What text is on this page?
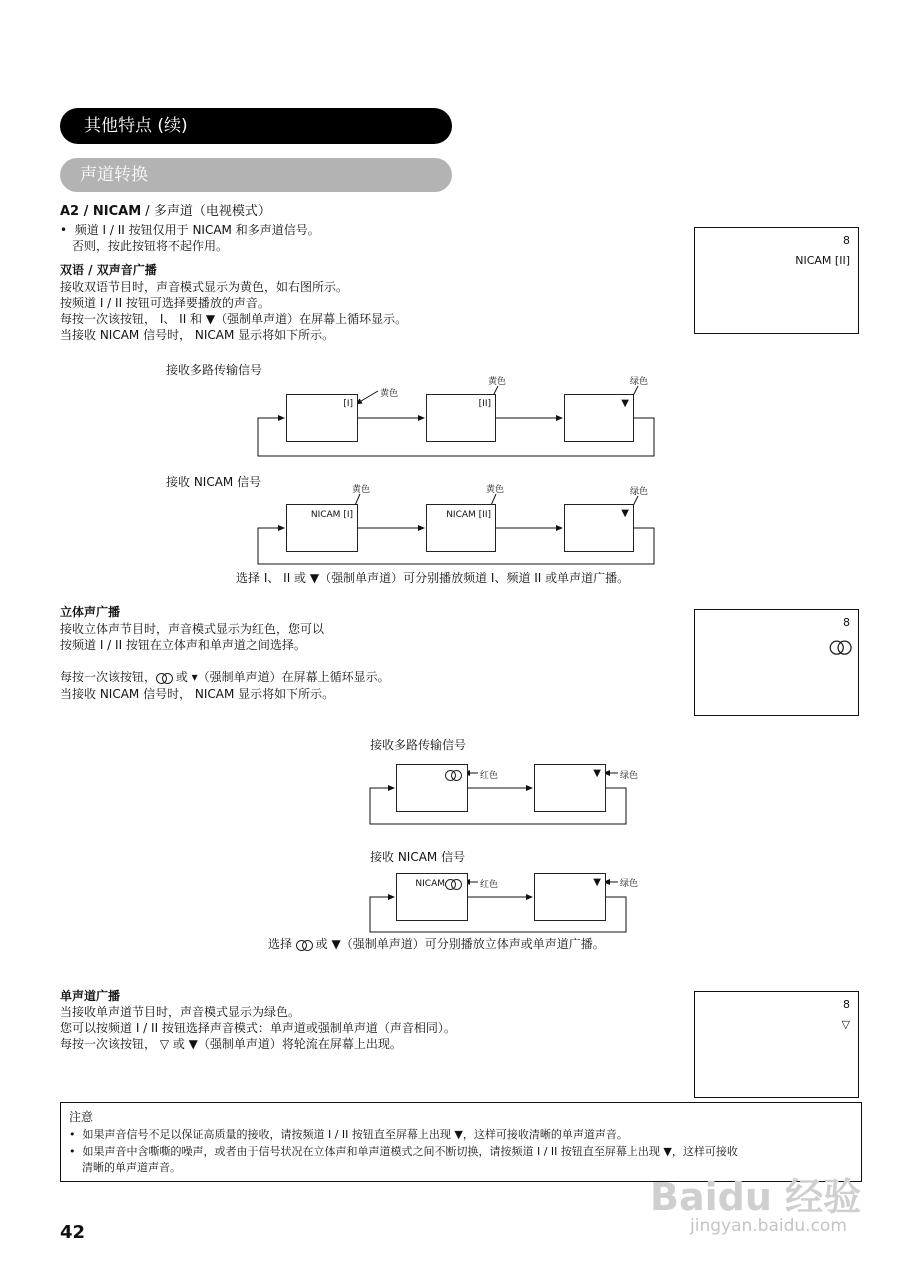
其他特点 (续)
声道转换
A2 / NICAM / 多声道（电视模式）
•  频道 I / II 按钮仅用于 NICAM 和多声道信号。
否则，按此按钮将不起作用。
双语 / 双声音广播
接收双语节目时，声音模式显示为黄色，如右图所示。
按频道 I / II 按钮可选择要播放的声音。
每按一次该按钮， I、 II 和 ▼（强制单声道）在屏幕上循环显示。
当接收 NICAM 信号时， NICAM 显示将如下所示。
8
NICAM [II]
接收多路传输信号
接收 NICAM 信号
[I]	[II]	▼
黄色
黄色	绿色
NICAM [I]	NICAM [II]	▼
黄色	黄色	绿色
选择 I、 II 或 ▼（强制单声道）可分别播放频道 I、频道 II 或单声道广播。
立体声广播
接收立体声节目时，声音模式显示为红色，您可以
按频道 I / II 按钮在立体声和单声道之间选择。
每按一次该按钮， 或 ▾（强制单声道）在屏幕上循环显示。
当接收 NICAM 信号时， NICAM 显示将如下所示。
8
接收多路传输信号
接收 NICAM 信号
▼
红色	绿色
NICAM	▼
红色	绿色
选择 或 ▼（强制单声道）可分别播放立体声或单声道广播。
单声道广播
当接收单声道节目时，声音模式显示为绿色。
您可以按频道 I / II 按钮选择声音模式：单声道或强制单声道（声音相同）。
每按一次该按钮， ▽ 或 ▼（强制单声道）将轮流在屏幕上出现。
8
▽
注意
•  如果声音信号不足以保证高质量的接收，请按频道 I / II 按钮直至屏幕上出现 ▼，这样可接收清晰的单声道声音。
•  如果声音中含嘶嘶的噪声，或者由于信号状况在立体声和单声道模式之间不断切换，请按频道 I / II 按钮直至屏幕上出现 ▼，这样可接收
清晰的单声道声音。
42
Baidu 经验
jingyan.baidu.com
